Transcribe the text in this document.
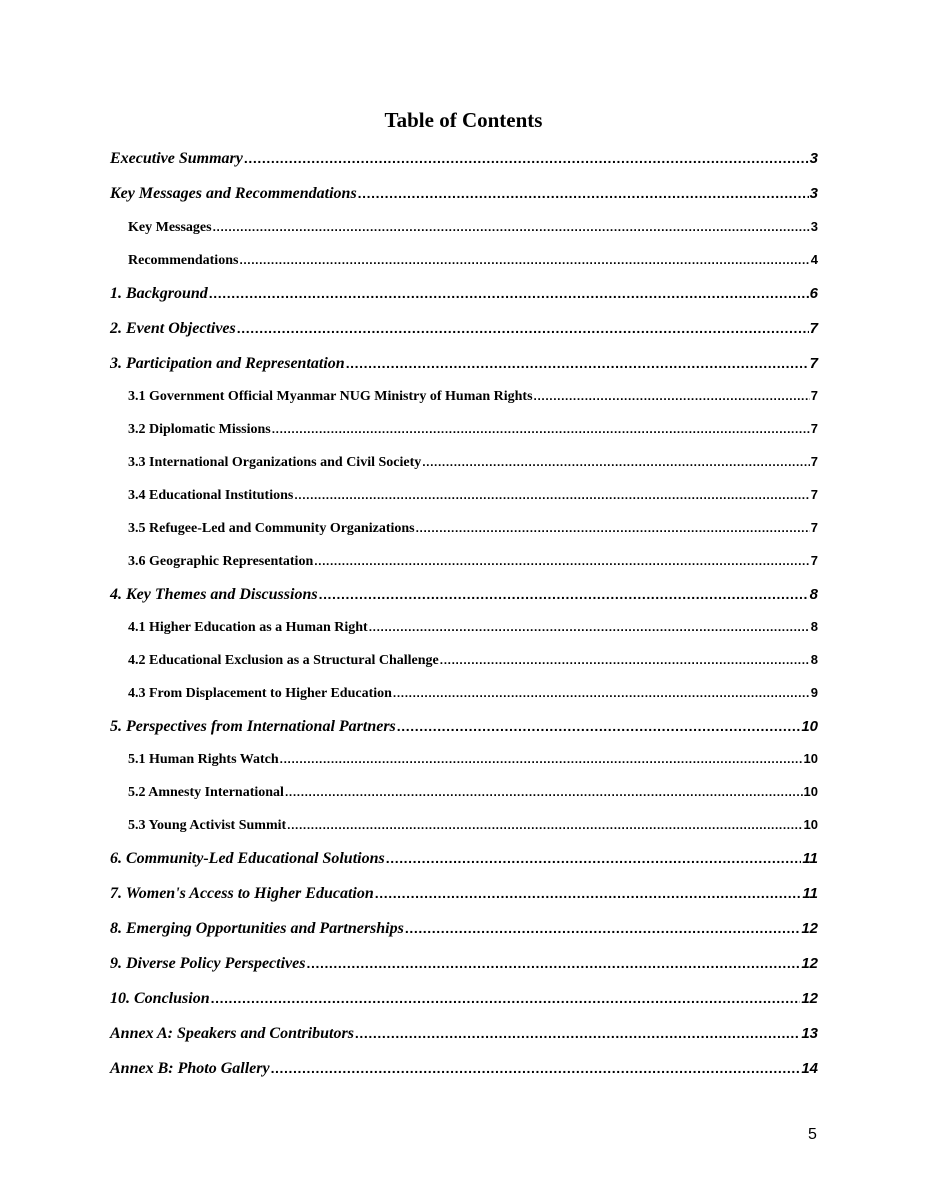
Table of Contents
Executive Summary .....	3
Key Messages and Recommendations .....	3
Key Messages .....	3
Recommendations .....	4
1. Background .....	6
2. Event Objectives .....	7
3. Participation and Representation .....	7
3.1 Government Official Myanmar NUG Ministry of Human Rights .....	7
3.2 Diplomatic Missions .....	7
3.3 International Organizations and Civil Society .....	7
3.4 Educational Institutions .....	7
3.5 Refugee-Led and Community Organizations .....	7
3.6 Geographic Representation .....	7
4. Key Themes and Discussions .....	8
4.1 Higher Education as a Human Right .....	8
4.2 Educational Exclusion as a Structural Challenge .....	8
4.3 From Displacement to Higher Education .....	9
5. Perspectives from International Partners .....	10
5.1 Human Rights Watch .....	10
5.2 Amnesty International .....	10
5.3 Young Activist Summit .....	10
6. Community-Led Educational Solutions .....	11
7. Women's Access to Higher Education .....	11
8. Emerging Opportunities and Partnerships .....	12
9. Diverse Policy Perspectives .....	12
10. Conclusion .....	12
Annex A: Speakers and Contributors .....	13
Annex B: Photo Gallery .....	14
5
